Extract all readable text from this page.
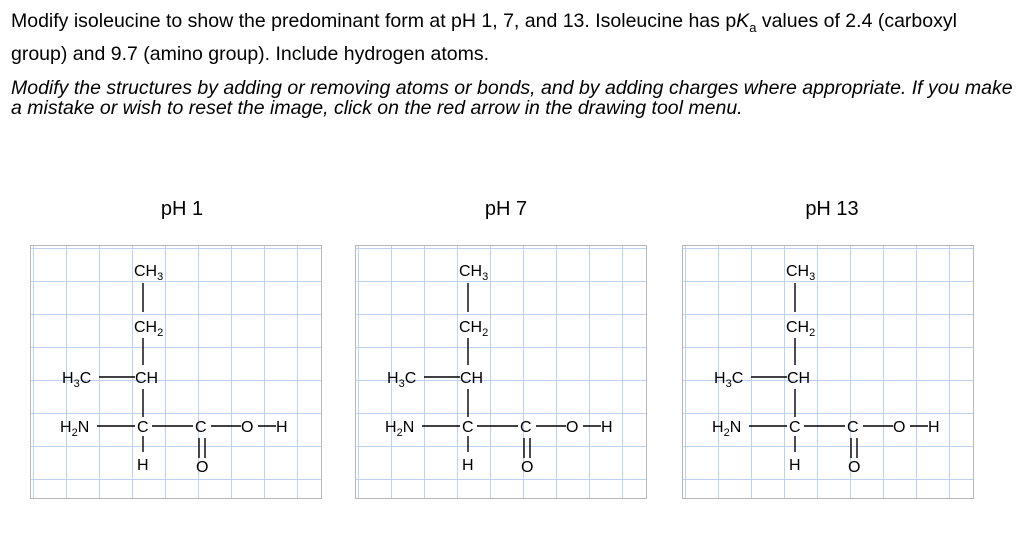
Modify isoleucine to show the predominant form at pH 1, 7, and 13. Isoleucine has $pK_a$ values of 2.4 (carboxyl group) and 9.7 (amino group). Include hydrogen atoms.

Modify the structures by adding or removing atoms or bonds, and by adding charges where appropriate. If you make a mistake or wish to reset the image, click on the red arrow in the drawing tool menu.

pH 1	pH 7	pH 13
$CH_3$
$CH_2$
$H_3C$	CH
$H_2N$	C	C O H
H	O
$CH_3$
$CH_2$
$H_3C$	CH
$H_2N$	C	C O H
H	O
$CH_3$
$CH_2$
$H_3C$	CH
$H_2N$	C	C O H
H	O
